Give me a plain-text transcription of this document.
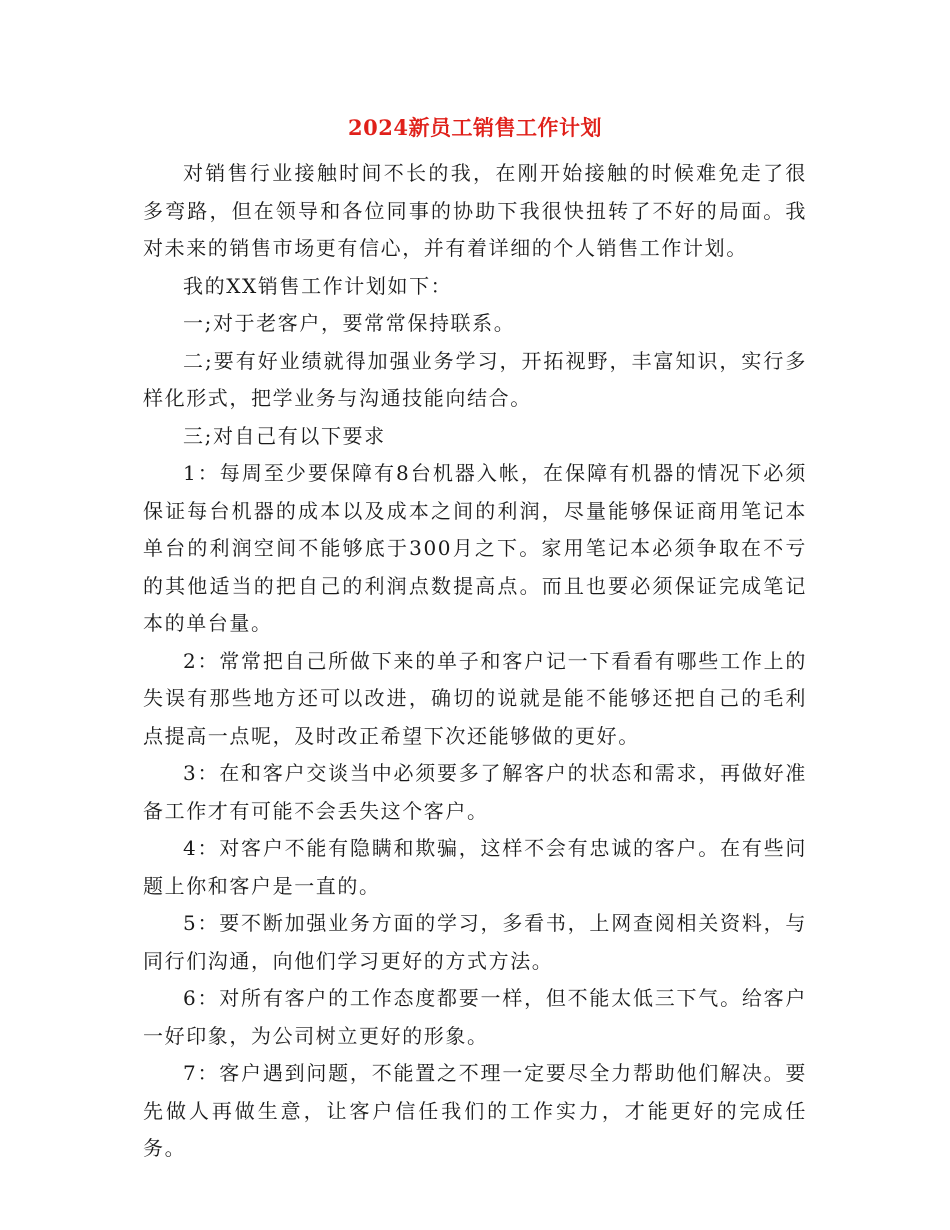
2024新员工销售工作计划

对销售行业接触时间不长的我，在刚开始接触的时候难免走了很多弯路，但在领导和各位同事的协助下我很快扭转了不好的局面。我对未来的销售市场更有信心，并有着详细的个人销售工作计划。

我的XX销售工作计划如下：

一;对于老客户，要常常保持联系。

二;要有好业绩就得加强业务学习，开拓视野，丰富知识，实行多样化形式，把学业务与沟通技能向结合。

三;对自己有以下要求

1：每周至少要保障有8台机器入帐，在保障有机器的情况下必须保证每台机器的成本以及成本之间的利润，尽量能够保证商用笔记本单台的利润空间不能够底于300月之下。家用笔记本必须争取在不亏的其他适当的把自己的利润点数提高点。而且也要必须保证完成笔记本的单台量。

2：常常把自己所做下来的单子和客户记一下看看有哪些工作上的失误有那些地方还可以改进，确切的说就是能不能够还把自己的毛利点提高一点呢，及时改正希望下次还能够做的更好。

3：在和客户交谈当中必须要多了解客户的状态和需求，再做好准备工作才有可能不会丢失这个客户。

4：对客户不能有隐瞒和欺骗，这样不会有忠诚的客户。在有些问题上你和客户是一直的。

5：要不断加强业务方面的学习，多看书，上网查阅相关资料，与同行们沟通，向他们学习更好的方式方法。

6：对所有客户的工作态度都要一样，但不能太低三下气。给客户一好印象，为公司树立更好的形象。

7：客户遇到问题，不能置之不理一定要尽全力帮助他们解决。要先做人再做生意，让客户信任我们的工作实力，才能更好的完成任务。
